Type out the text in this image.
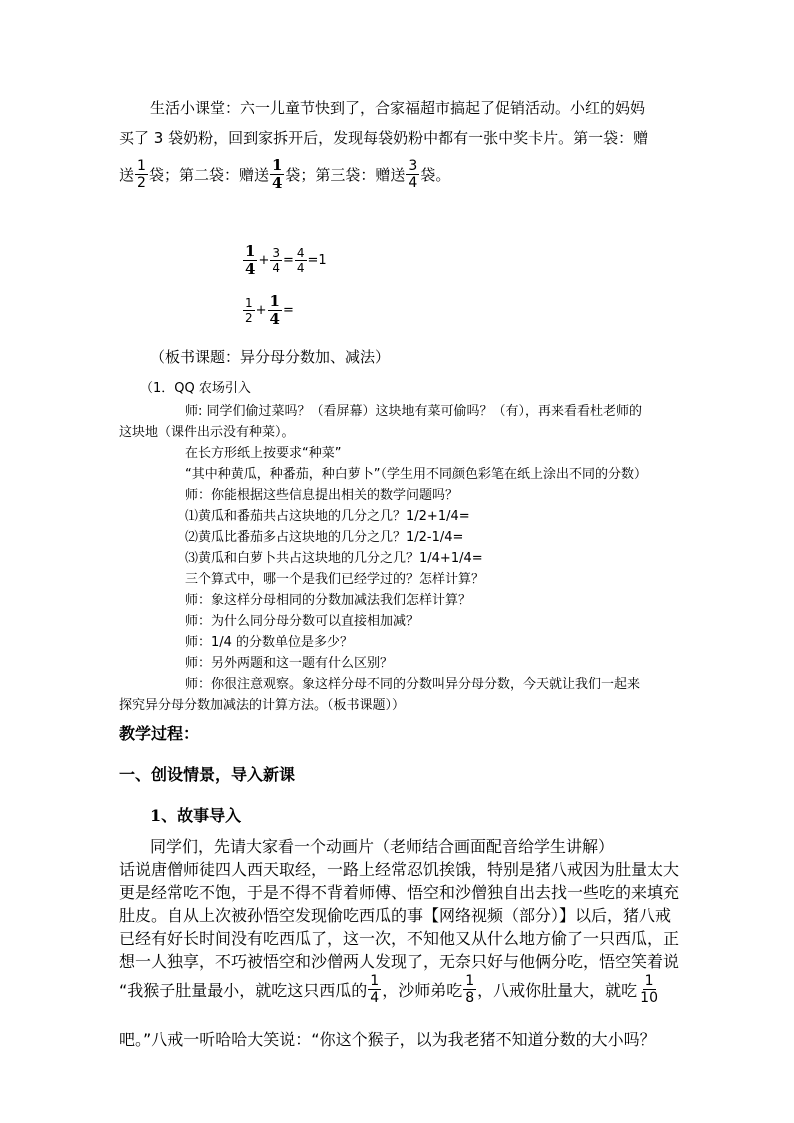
生活小课堂：六一儿童节快到了，合家福超市搞起了促销活动。小红的妈妈
买了 3 袋奶粉，回到家拆开后，发现每袋奶粉中都有一张中奖卡片。第一袋：赠
送 $\frac{1}{2}$ 袋；第二袋：赠送 $\frac{1}{4}$ 袋；第三袋：赠送 $\frac{3}{4}$ 袋。
$\frac{1}{4} + \frac{3}{4} = \frac{4}{4} =1$
$\frac{1}{2} + \frac{1}{4}$ =
（板书课题：异分母分数加、减法）
（1．QQ 农场引入
师: 同学们偷过菜吗？（看屏幕）这块地有菜可偷吗？（有），再来看看杜老师的
这块地（课件出示没有种菜）。
在长方形纸上按要求“种菜”
“其中种黄瓜，种番茄，种白萝卜”（学生用不同颜色彩笔在纸上涂出不同的分数）
师：你能根据这些信息提出相关的数学问题吗？
⑴黄瓜和番茄共占这块地的几分之几？1/2+1/4=
⑵黄瓜比番茄多占这块地的几分之几？1/2-1/4=
⑶黄瓜和白萝卜共占这块地的几分之几？1/4+1/4=
三个算式中，哪一个是我们已经学过的？怎样计算？
师：象这样分母相同的分数加减法我们怎样计算？
师：为什么同分母分数可以直接相加减？
师：1/4 的分数单位是多少？
师：另外两题和这一题有什么区别？
师：你很注意观察。象这样分母不同的分数叫异分母分数，今天就让我们一起来
探究异分母分数加减法的计算方法。（板书课题））
教学过程：
一、创设情景，导入新课
1、故事导入
同学们，先请大家看一个动画片（老师结合画面配音给学生讲解）
话说唐僧师徒四人西天取经，一路上经常忍饥挨饿，特别是猪八戒因为肚量太大
更是经常吃不饱，于是不得不背着师傅、悟空和沙僧独自出去找一些吃的来填充
肚皮。自从上次被孙悟空发现偷吃西瓜的事【网络视频（部分）】以后，猪八戒
已经有好长时间没有吃西瓜了，这一次，不知他又从什么地方偷了一只西瓜，正
想一人独享，不巧被悟空和沙僧两人发现了，无奈只好与他俩分吃，悟空笑着说
“我猴子肚量最小，就吃这只西瓜的 $\frac{1}{4}$ ，沙师弟吃 $\frac{1}{8}$ ，八戒你肚量大，就吃 $\frac{1}{10}$
吧。”八戒一听哈哈大笑说：“你这个猴子，以为我老猪不知道分数的大小吗？
